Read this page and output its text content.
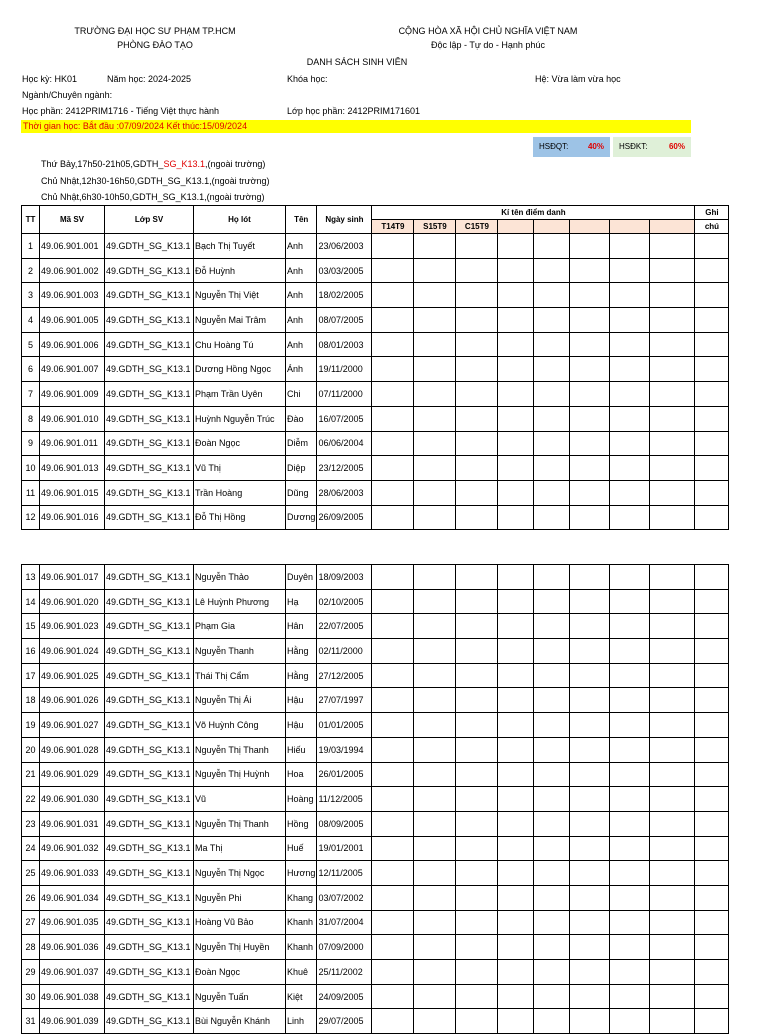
TRƯỜNG ĐẠI HỌC SƯ PHẠM TP.HCM
PHÒNG ĐÀO TẠO
CỘNG HÒA XÃ HỘI CHỦ NGHĨA VIỆT NAM
Độc lập - Tự do - Hạnh phúc
DANH SÁCH SINH VIÊN
Học kỳ: HK01	Năm học: 2024-2025	Khóa học:	Hệ: Vừa làm vừa học
Ngành/Chuyên ngành:
Học phần: 2412PRIM1716 - Tiếng Việt thực hành	Lớp học phần: 2412PRIM171601
Thời gian học: Bắt đầu :07/09/2024 Kết thúc:15/09/2024
HSĐQT: 40%	HSĐKT:	60%
Thứ Bảy,17h50-21h05,GDTH_SG_K13.1,(ngoài trường)
Chủ Nhật,12h30-16h50,GDTH_SG_K13.1,(ngoài trường)
Chủ Nhật,6h30-10h50,GDTH_SG_K13.1,(ngoài trường)
TT	Mã SV	Lớp SV	Họ lót	Tên	Ngày sinh	Kí tên điểm danh								Ghi
						T14T9	S15T9	C15T9						chú
1	49.06.901.001	49.GDTH_SG_K13.1	Bạch Thị Tuyết	Anh	23/06/2003									
2	49.06.901.002	49.GDTH_SG_K13.1	Đỗ Huỳnh	Anh	03/03/2005									
3	49.06.901.003	49.GDTH_SG_K13.1	Nguyễn Thị Việt	Anh	18/02/2005									
4	49.06.901.005	49.GDTH_SG_K13.1	Nguyễn Mai Trâm	Anh	08/07/2005									
5	49.06.901.006	49.GDTH_SG_K13.1	Chu Hoàng Tú	Anh	08/01/2003									
6	49.06.901.007	49.GDTH_SG_K13.1	Dương Hồng Ngọc	Ánh	19/11/2000									
7	49.06.901.009	49.GDTH_SG_K13.1	Phạm Trần Uyên	Chi	07/11/2000									
8	49.06.901.010	49.GDTH_SG_K13.1	Huỳnh Nguyễn Trúc	Đào	16/07/2005									
9	49.06.901.011	49.GDTH_SG_K13.1	Đoàn Ngọc	Diễm	06/06/2004									
10	49.06.901.013	49.GDTH_SG_K13.1	Vũ Thị	Diệp	23/12/2005									
11	49.06.901.015	49.GDTH_SG_K13.1	Trần Hoàng	Dũng	28/06/2003									
12	49.06.901.016	49.GDTH_SG_K13.1	Đỗ Thị Hồng	Dương	26/09/2005									
13	49.06.901.017	49.GDTH_SG_K13.1	Nguyễn Thảo	Duyên	18/09/2003									
14	49.06.901.020	49.GDTH_SG_K13.1	Lê Huỳnh Phương	Hạ	02/10/2005									
15	49.06.901.023	49.GDTH_SG_K13.1	Phạm Gia	Hân	22/07/2005									
16	49.06.901.024	49.GDTH_SG_K13.1	Nguyễn Thanh	Hằng	02/11/2000									
17	49.06.901.025	49.GDTH_SG_K13.1	Thái Thị Cẩm	Hằng	27/12/2005									
18	49.06.901.026	49.GDTH_SG_K13.1	Nguyễn Thị Ái	Hậu	27/07/1997									
19	49.06.901.027	49.GDTH_SG_K13.1	Võ Huỳnh Công	Hậu	01/01/2005									
20	49.06.901.028	49.GDTH_SG_K13.1	Nguyễn Thị Thanh	Hiếu	19/03/1994									
21	49.06.901.029	49.GDTH_SG_K13.1	Nguyễn Thị Huỳnh	Hoa	26/01/2005									
22	49.06.901.030	49.GDTH_SG_K13.1	Vũ	Hoàng	11/12/2005									
23	49.06.901.031	49.GDTH_SG_K13.1	Nguyễn Thị Thanh	Hồng	08/09/2005									
24	49.06.901.032	49.GDTH_SG_K13.1	Ma Thị	Huế	19/01/2001									
25	49.06.901.033	49.GDTH_SG_K13.1	Nguyễn Thị Ngọc	Hương	12/11/2005									
26	49.06.901.034	49.GDTH_SG_K13.1	Nguyễn Phi	Khang	03/07/2002									
27	49.06.901.035	49.GDTH_SG_K13.1	Hoàng Vũ Bảo	Khanh	31/07/2004									
28	49.06.901.036	49.GDTH_SG_K13.1	Nguyễn Thị Huyền	Khanh	07/09/2000									
29	49.06.901.037	49.GDTH_SG_K13.1	Đoàn Ngọc	Khuê	25/11/2002									
30	49.06.901.038	49.GDTH_SG_K13.1	Nguyễn Tuấn	Kiệt	24/09/2005									
31	49.06.901.039	49.GDTH_SG_K13.1	Bùi Nguyễn Khánh	Linh	29/07/2005									
